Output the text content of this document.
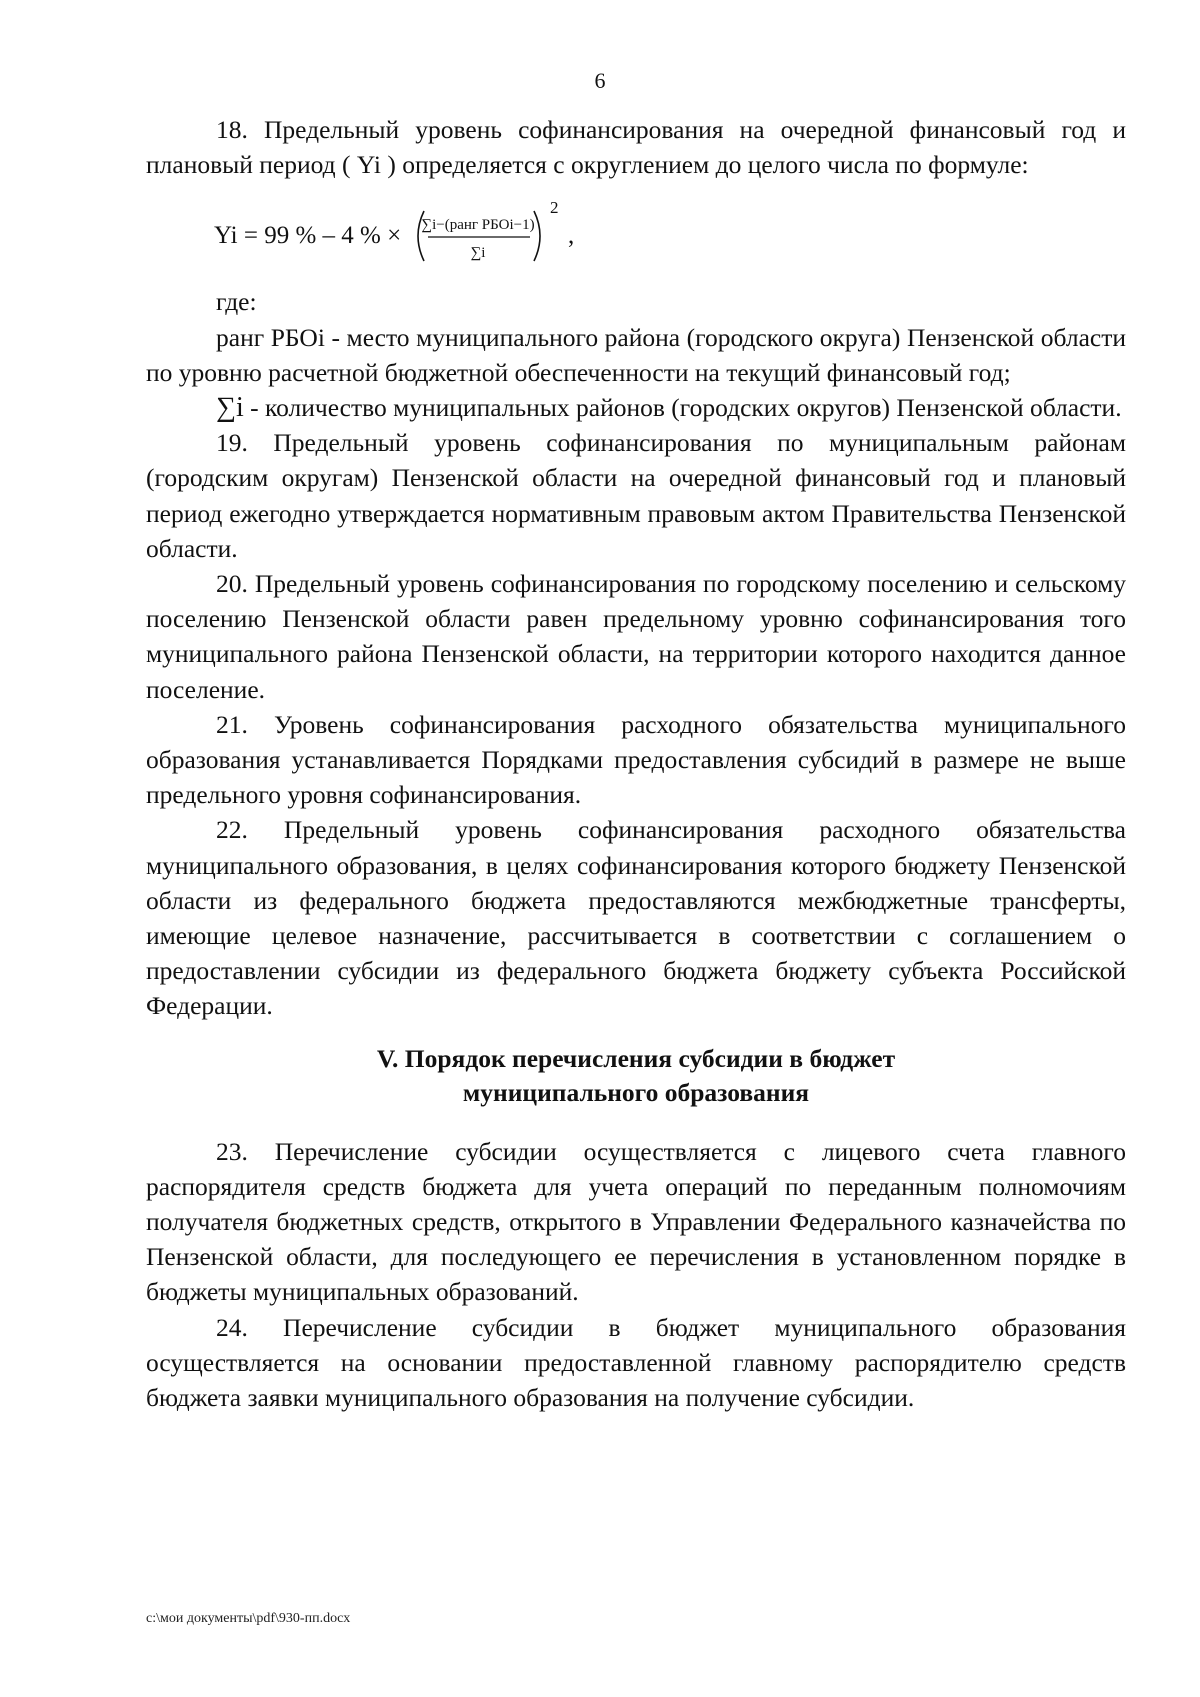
6

18. Предельный уровень софинансирования на очередной финансовый год и плановый период ( Yi ) определяется с округлением до целого числа по формуле:

Yi = 99 % – 4 % × ∑i−(ранг РБОi−1)
∑i
2
,

где:

ранг РБОi - место муниципального района (городского округа) Пензенской области по уровню расчетной бюджетной обеспеченности на текущий финансовый год;

∑i - количество муниципальных районов (городских округов) Пензенской области.

19. Предельный уровень софинансирования по муниципальным районам (городским округам) Пензенской области на очередной финансовый год и плановый период ежегодно утверждается нормативным правовым актом Правительства Пензенской области.

20. Предельный уровень софинансирования по городскому поселению и сельскому поселению Пензенской области равен предельному уровню софинансирования того муниципального района Пензенской области, на территории которого находится данное поселение.

21. Уровень софинансирования расходного обязательства муниципального образования устанавливается Порядками предоставления субсидий в размере не выше предельного уровня софинансирования.

22. Предельный уровень софинансирования расходного обязательства муниципального образования, в целях софинансирования которого бюджету Пензенской области из федерального бюджета предоставляются межбюджетные трансферты, имеющие целевое назначение, рассчитывается в соответствии с соглашением о предоставлении субсидии из федерального бюджета бюджету субъекта Российской Федерации.

V. Порядок перечисления субсидии в бюджет
муниципального образования

23. Перечисление субсидии осуществляется с лицевого счета главного распорядителя средств бюджета для учета операций по переданным полномочиям получателя бюджетных средств, открытого в Управлении Федерального казначейства по Пензенской области, для последующего ее перечисления в установленном порядке в бюджеты муниципальных образований.

24. Перечисление субсидии в бюджет муниципального образования осуществляется на основании предоставленной главному распорядителю средств бюджета заявки муниципального образования на получение субсидии.

c:\мои документы\pdf\930-пп.docx
